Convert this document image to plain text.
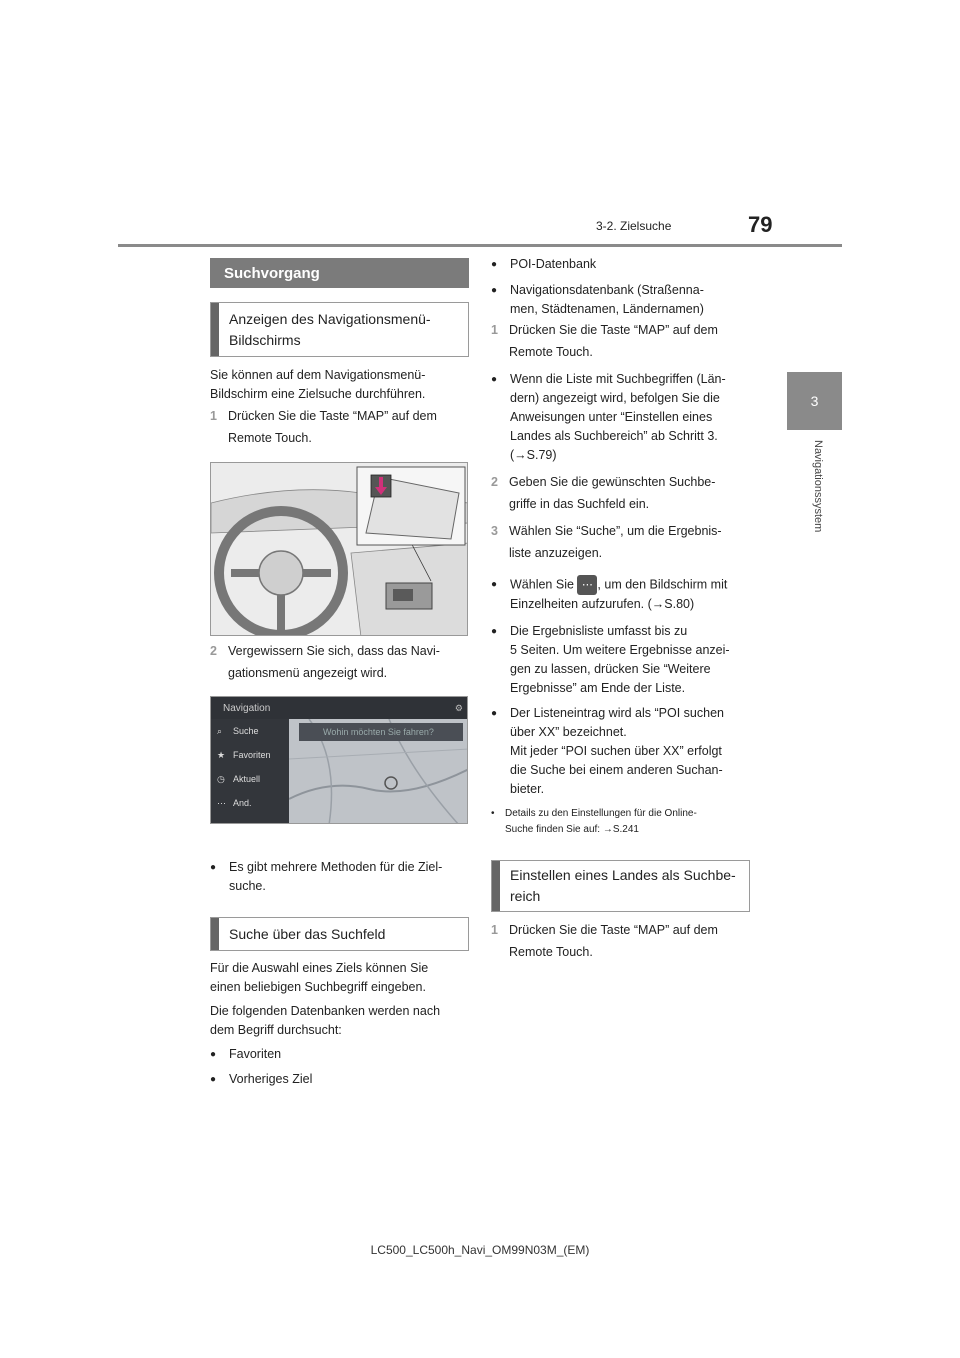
3-2. Zielsuche	79
3
Navigationssystem
Suchvorgang
Anzeigen des Navigationsmenü-
Bildschirms
Sie können auf dem Navigationsmenü-
Bildschirm eine Zielsuche durchführen.
1 Drücken Sie die Taste “MAP” auf dem
Remote Touch.
2 Vergewissern Sie sich, dass das Navi-
gationsmenü angezeigt wird.
Navigation	⚙
⌕	Suche
★ Favoriten
◷ Aktuell
⋯ And.
Wohin möchten Sie fahren?
●	Es gibt mehrere Methoden für die Ziel-
suche.
Suche über das Suchfeld
Für die Auswahl eines Ziels können Sie
einen beliebigen Suchbegriff eingeben.
Die folgenden Datenbanken werden nach
dem Begriff durchsucht:
●	Favoriten
●	Vorheriges Ziel
●	POI-Datenbank
●	Navigationsdatenbank (Straßenna-
men, Städtenamen, Ländernamen)
1 Drücken Sie die Taste “MAP” auf dem
Remote Touch.
●	Wenn die Liste mit Suchbegriffen (Län-
dern) angezeigt wird, befolgen Sie die
Anweisungen unter “Einstellen eines
Landes als Suchbereich” ab Schritt 3.
(→S.79)
2 Geben Sie die gewünschten Suchbe-
griffe in das Suchfeld ein.
3 Wählen Sie “Suche”, um die Ergebnis-
liste anzuzeigen.
●	Wählen Sie ⋯ , um den Bildschirm mit
Einzelheiten aufzurufen. (→S.80)
●	Die Ergebnisliste umfasst bis zu
5 Seiten. Um weitere Ergebnisse anzei-
gen zu lassen, drücken Sie “Weitere
Ergebnisse” am Ende der Liste.
●	Der Listeneintrag wird als “POI suchen
über XX” bezeichnet.
Mit jeder “POI suchen über XX” erfolgt
die Suche bei einem anderen Suchan-
bieter.
•	Details zu den Einstellungen für die Online-
Suche finden Sie auf: →S.241
Einstellen eines Landes als Suchbe-
reich
1 Drücken Sie die Taste “MAP” auf dem
Remote Touch.
LC500_LC500h_Navi_OM99N03M_(EM)
